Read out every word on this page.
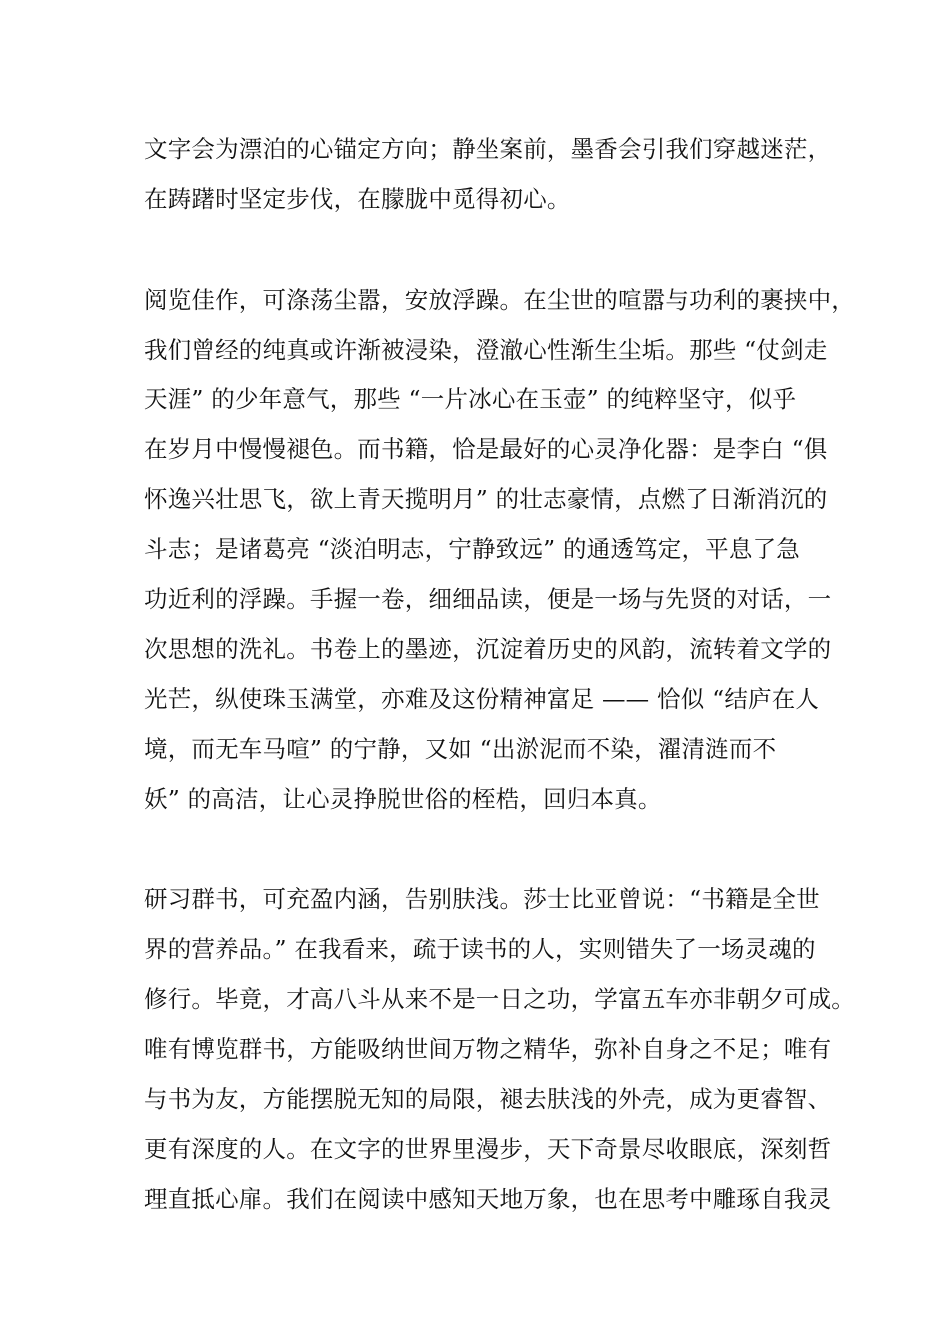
文字会为漂泊的心锚定方向；静坐案前，墨香会引我们穿越迷茫，
在踌躇时坚定步伐，在朦胧中觅得初心。
阅览佳作，可涤荡尘嚣，安放浮躁。在尘世的喧嚣与功利的裹挟中，
我们曾经的纯真或许渐被浸染，澄澈心性渐生尘垢。那些 “仗剑走
天涯” 的少年意气，那些 “一片冰心在玉壶” 的纯粹坚守，似乎
在岁月中慢慢褪色。而书籍，恰是最好的心灵净化器：是李白 “俱
怀逸兴壮思飞，欲上青天揽明月” 的壮志豪情，点燃了日渐消沉的
斗志；是诸葛亮 “淡泊明志，宁静致远” 的通透笃定，平息了急
功近利的浮躁。手握一卷，细细品读，便是一场与先贤的对话，一
次思想的洗礼。书卷上的墨迹，沉淀着历史的风韵，流转着文学的
光芒，纵使珠玉满堂，亦难及这份精神富足 —— 恰似 “结庐在人
境，而无车马喧” 的宁静，又如 “出淤泥而不染，濯清涟而不
妖” 的高洁，让心灵挣脱世俗的桎梏，回归本真。
研习群书，可充盈内涵，告别肤浅。莎士比亚曾说：“书籍是全世
界的营养品。” 在我看来，疏于读书的人，实则错失了一场灵魂的
修行。毕竟，才高八斗从来不是一日之功，学富五车亦非朝夕可成。
唯有博览群书，方能吸纳世间万物之精华，弥补自身之不足；唯有
与书为友，方能摆脱无知的局限，褪去肤浅的外壳，成为更睿智、
更有深度的人。在文字的世界里漫步，天下奇景尽收眼底，深刻哲
理直抵心扉。我们在阅读中感知天地万象，也在思考中雕琢自我灵
